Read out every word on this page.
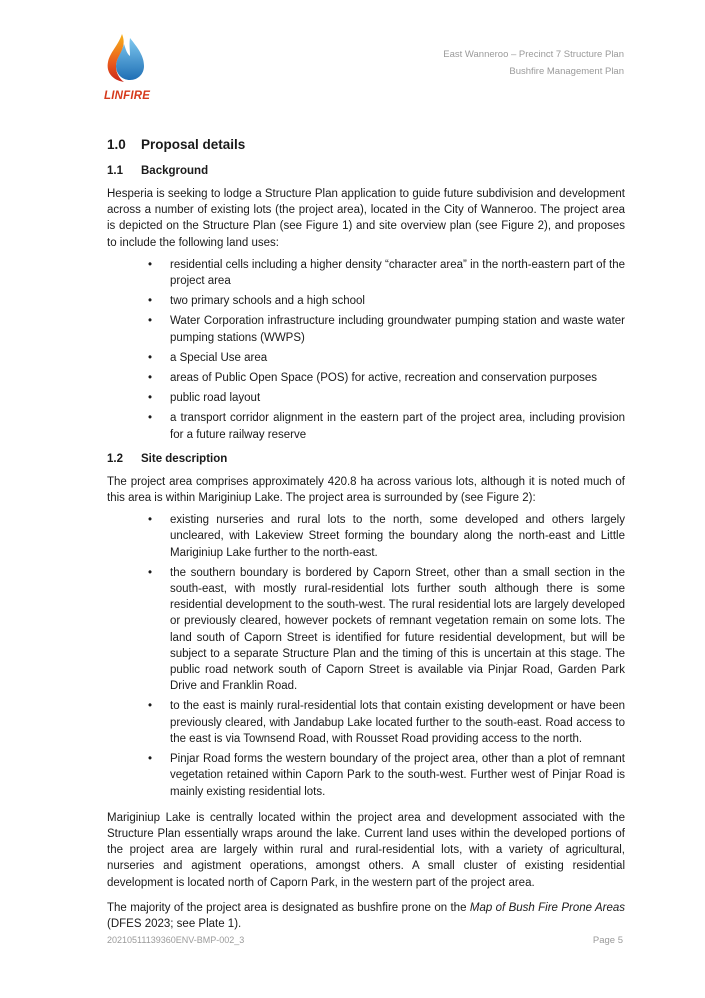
LINFIRE
East Wanneroo – Precinct 7 Structure Plan
Bushfire Management Plan
1.0 Proposal details
1.1 Background

Hesperia is seeking to lodge a Structure Plan application to guide future subdivision and development across a number of existing lots (the project area), located in the City of Wanneroo. The project area is depicted on the Structure Plan (see Figure 1) and site overview plan (see Figure 2), and proposes to include the following land uses:

• residential cells including a higher density “character area” in the north-eastern part of the project area
• two primary schools and a high school
• Water Corporation infrastructure including groundwater pumping station and waste water pumping stations (WWPS)
• a Special Use area
• areas of Public Open Space (POS) for active, recreation and conservation purposes
• public road layout
• a transport corridor alignment in the eastern part of the project area, including provision for a future railway reserve
1.2 Site description

The project area comprises approximately 420.8 ha across various lots, although it is noted much of this area is within Mariginiup Lake. The project area is surrounded by (see Figure 2):

• existing nurseries and rural lots to the north, some developed and others largely uncleared, with Lakeview Street forming the boundary along the north-east and Little Mariginiup Lake further to the north-east.
• the southern boundary is bordered by Caporn Street, other than a small section in the south-east, with mostly rural-residential lots further south although there is some residential development to the south-west. The rural residential lots are largely developed or previously cleared, however pockets of remnant vegetation remain on some lots. The land south of Caporn Street is identified for future residential development, but will be subject to a separate Structure Plan and the timing of this is uncertain at this stage. The public road network south of Caporn Street is available via Pinjar Road, Garden Park Drive and Franklin Road.
• to the east is mainly rural-residential lots that contain existing development or have been previously cleared, with Jandabup Lake located further to the south-east. Road access to the east is via Townsend Road, with Rousset Road providing access to the north.
• Pinjar Road forms the western boundary of the project area, other than a plot of remnant vegetation retained within Caporn Park to the south-west. Further west of Pinjar Road is mainly existing residential lots.

Mariginiup Lake is centrally located within the project area and development associated with the Structure Plan essentially wraps around the lake. Current land uses within the developed portions of the project area are largely within rural and rural-residential lots, with a variety of agricultural, nurseries and agistment operations, amongst others. A small cluster of existing residential development is located north of Caporn Park, in the western part of the project area.

The majority of the project area is designated as bushfire prone on the Map of Bush Fire Prone Areas (DFES 2023; see Plate 1).

20210511139360ENV-BMP-002_3	Page 5
